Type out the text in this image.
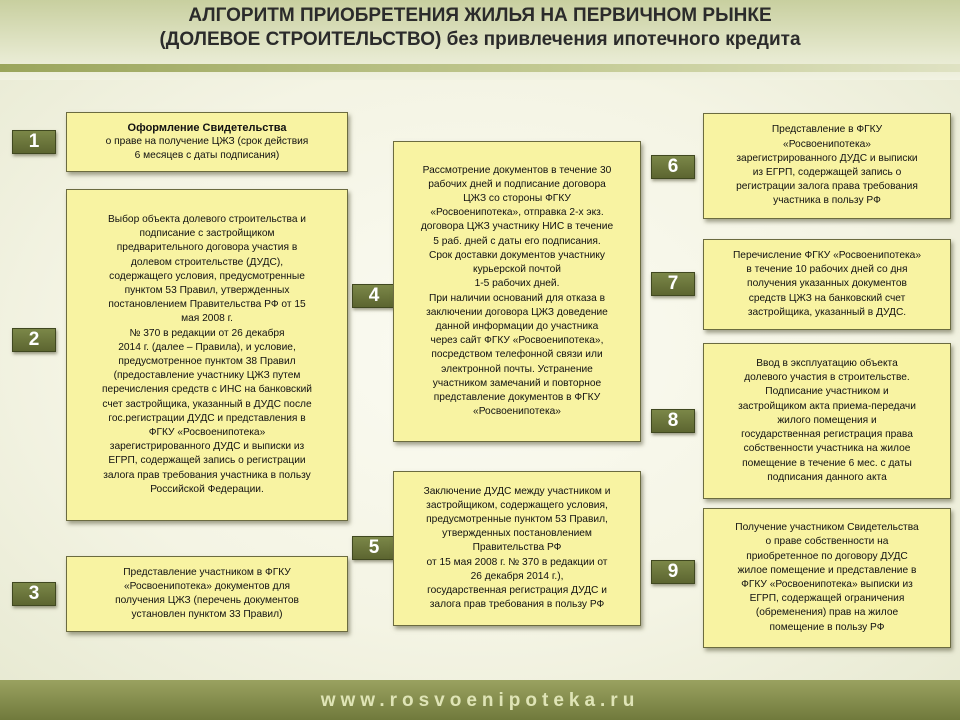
АЛГОРИТМ ПРИОБРЕТЕНИЯ ЖИЛЬЯ НА ПЕРВИЧНОМ РЫНКЕ
(ДОЛЕВОЕ СТРОИТЕЛЬСТВО) без привлечения ипотечного кредита
1
2
3
4
5
6
7
8
9
Оформление Свидетельства
о праве на получение ЦЖЗ (срок действия
6 месяцев с даты подписания)
Выбор объекта долевого строительства и
подписание с застройщиком
предварительного договора участия в
долевом строительстве (ДУДС),
содержащего условия, предусмотренные
пунктом 53 Правил, утвержденных
постановлением Правительства РФ от 15
мая 2008 г.
№ 370 в редакции от 26 декабря
2014 г. (далее – Правила), и условие,
предусмотренное пунктом 38 Правил
(предоставление участнику ЦЖЗ путем
перечисления средств с ИНС на банковский
счет застройщика, указанный в ДУДС после
гос.регистрации ДУДС и представления в
ФГКУ «Росвоенипотека»
зарегистрированного ДУДС и выписки из
ЕГРП, содержащей запись о регистрации
залога прав требования участника в пользу
Российской Федерации.
Представление участником в ФГКУ
«Росвоенипотека» документов для
получения ЦЖЗ (перечень документов
установлен пунктом 33 Правил)
Рассмотрение документов в течение 30
рабочих дней и подписание договора
ЦЖЗ со стороны ФГКУ
«Росвоенипотека», отправка 2-х экз.
договора ЦЖЗ участнику НИС в течение
5 раб. дней с даты его подписания.
Срок доставки документов участнику
курьерской почтой
1-5 рабочих дней.
При наличии оснований для отказа в
заключении договора ЦЖЗ доведение
данной информации до участника
через сайт ФГКУ «Росвоенипотека»,
посредством телефонной связи или
электронной почты. Устранение
участником замечаний и повторное
представление документов в ФГКУ
«Росвоенипотека»
Заключение ДУДС между участником и
застройщиком, содержащего условия,
предусмотренные пунктом 53 Правил,
утвержденных постановлением
Правительства РФ
от 15 мая 2008 г. № 370 в редакции от
26 декабря 2014 г.),
государственная регистрация ДУДС и
залога прав требования в пользу РФ
Представление в ФГКУ
«Росвоенипотека»
зарегистрированного ДУДС и выписки
из ЕГРП, содержащей запись о
регистрации залога права требования
участника в пользу РФ
Перечисление ФГКУ «Росвоенипотека»
в течение 10 рабочих дней со дня
получения указанных документов
средств ЦЖЗ на банковский счет
застройщика, указанный в ДУДС.
Ввод в эксплуатацию объекта
долевого участия в строительстве.
Подписание участником и
застройщиком акта приема-передачи
жилого помещения и
государственная регистрация права
собственности участника на жилое
помещение в течение 6 мес. с даты
подписания данного акта
Получение участником Свидетельства
о праве собственности на
приобретенное по договору ДУДС
жилое помещение и представление в
ФГКУ «Росвоенипотека» выписки из
ЕГРП, содержащей ограничения
(обременения) прав на жилое
помещение в пользу РФ
www.rosvoenipoteka.ru
